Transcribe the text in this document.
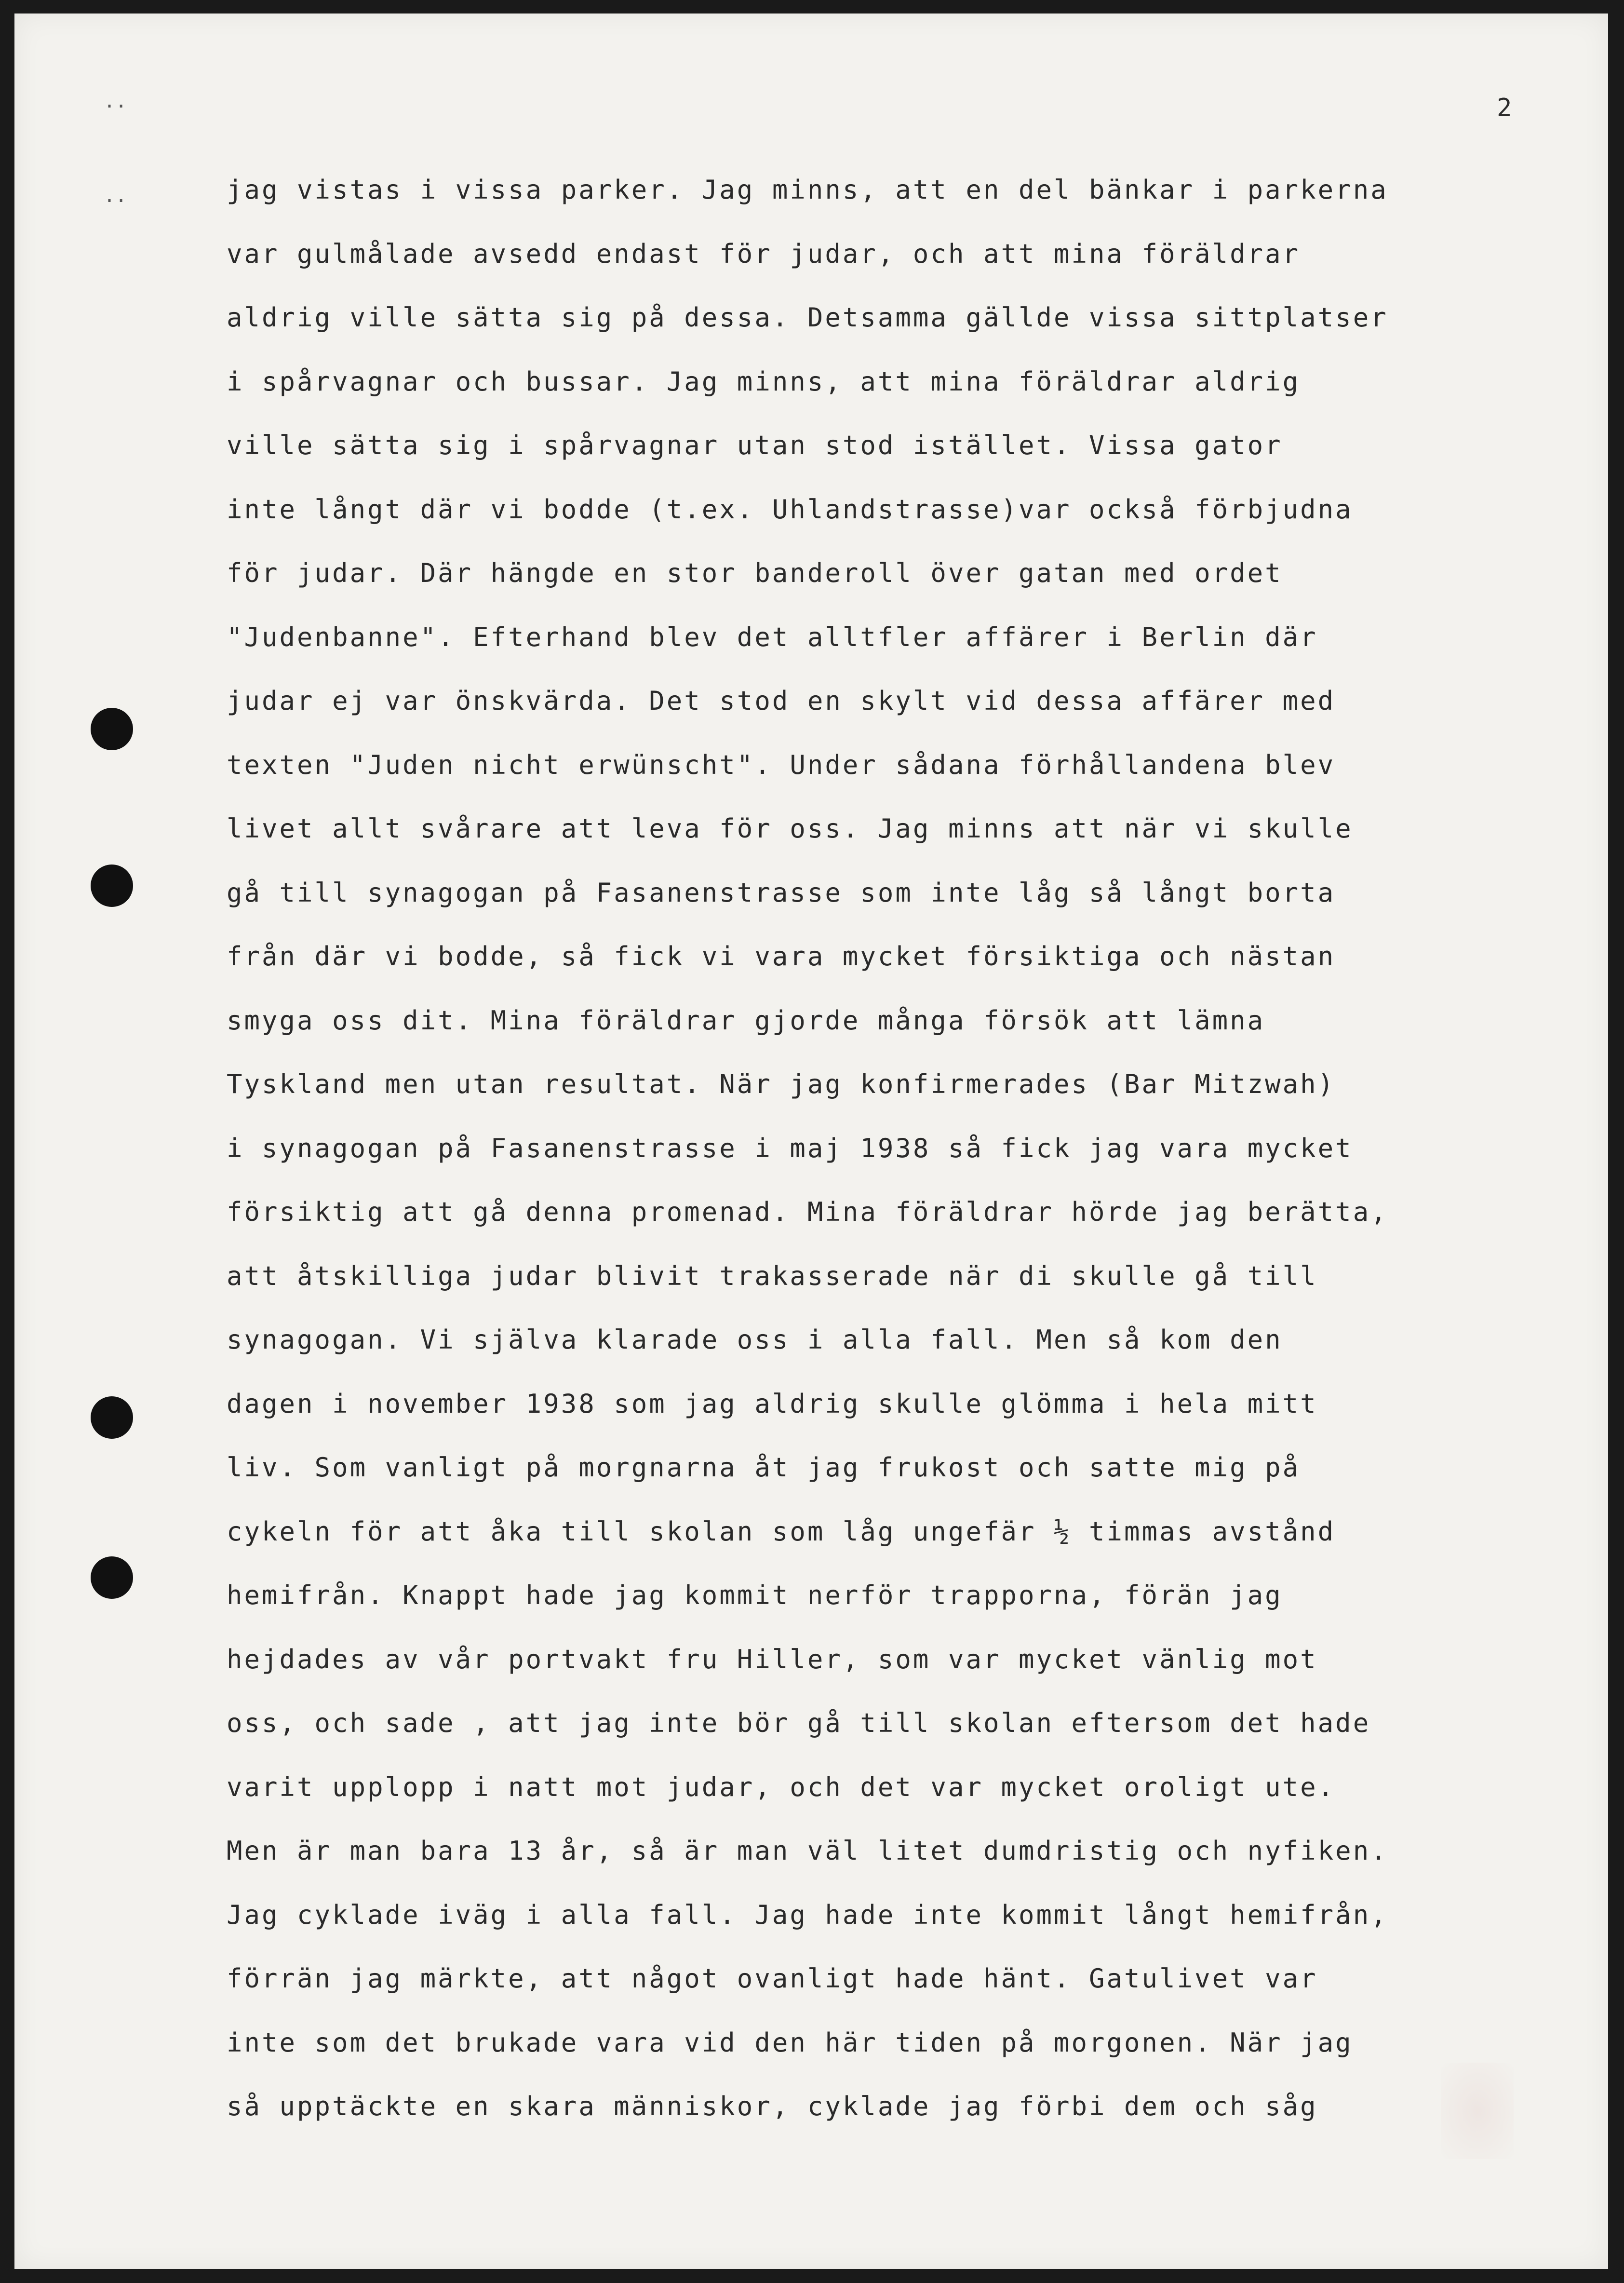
..
..
2
jag vistas i vissa parker. Jag minns, att en del bänkar i parkerna
var gulmålade avsedd endast för judar, och att mina föräldrar
aldrig ville sätta sig på dessa. Detsamma gällde vissa sittplatser
i spårvagnar och bussar. Jag minns, att mina föräldrar aldrig
ville sätta sig i spårvagnar utan stod istället. Vissa gator
inte långt där vi bodde (t.ex. Uhlandstrasse)var också förbjudna
för judar. Där hängde en stor banderoll över gatan med ordet
"Judenbanne". Efterhand blev det alltfler affärer i Berlin där
judar ej var önskvärda. Det stod en skylt vid dessa affärer med
texten "Juden nicht erwünscht". Under sådana förhållandena blev
livet allt svårare att leva för oss. Jag minns att när vi skulle
gå till synagogan på Fasanenstrasse som inte låg så långt borta
från där vi bodde, så fick vi vara mycket försiktiga och nästan
smyga oss dit. Mina föräldrar gjorde många försök att lämna
Tyskland men utan resultat. När jag konfirmerades (Bar Mitzwah)
i synagogan på Fasanenstrasse i maj 1938 så fick jag vara mycket
försiktig att gå denna promenad. Mina föräldrar hörde jag berätta,
att åtskilliga judar blivit trakasserade när di skulle gå till
synagogan. Vi själva klarade oss i alla fall. Men så kom den
dagen i november 1938 som jag aldrig skulle glömma i hela mitt
liv. Som vanligt på morgnarna åt jag frukost och satte mig på
cykeln för att åka till skolan som låg ungefär ½ timmas avstånd
hemifrån. Knappt hade jag kommit nerför trapporna, förän jag
hejdades av vår portvakt fru Hiller, som var mycket vänlig mot
oss, och sade , att jag inte bör gå till skolan eftersom det hade
varit upplopp i natt mot judar, och det var mycket oroligt ute.
Men är man bara 13 år, så är man väl litet dumdristig och nyfiken.
Jag cyklade iväg i alla fall. Jag hade inte kommit långt hemifrån,
förrän jag märkte, att något ovanligt hade hänt. Gatulivet var
inte som det brukade vara vid den här tiden på morgonen. När jag
så upptäckte en skara människor, cyklade jag förbi dem och såg
